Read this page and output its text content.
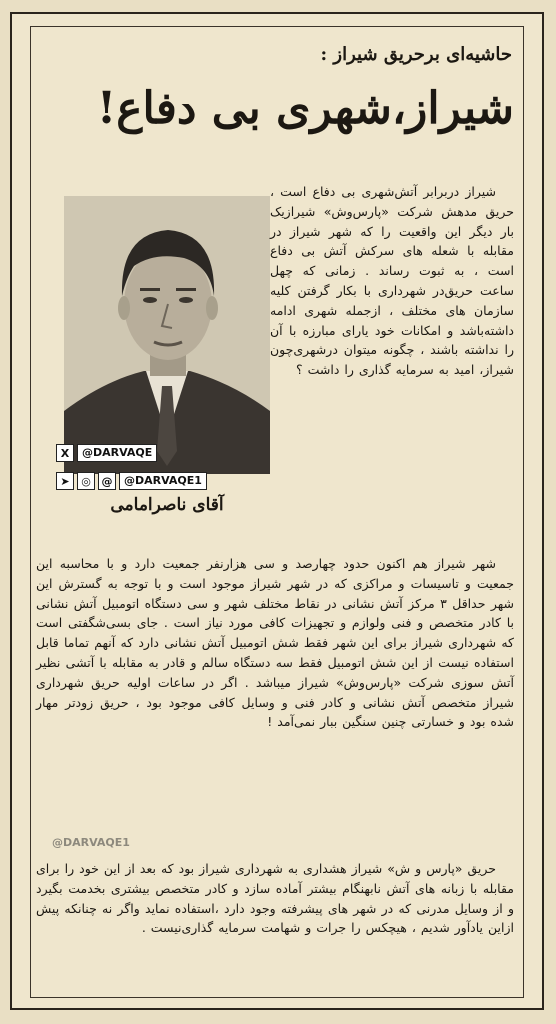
حاشیه‌ای برحریق شیراز :
شیراز،شهری بی دفاع!
X	@DARVAQE
➤	◎ @	@DARVAQE1
آقای ناصرامامی

شیراز دربرابر آتش‌شهری بی دفاع است ، حریق مدهش شرکت «پارس‌وش» شیرازیک بار دیگر این واقعیت را که شهر شیراز در مقابله با شعله های سرکش آتش بی دفاع است ، به ثبوت رساند . زمانی که چهل ساعت حریق‌در شهرداری با بکار گرفتن کلیه سازمان های مختلف ، ازجمله شهری ادامه داشته‌باشد و امکانات خود یارای مبارزه با آن را نداشته باشند ، چگونه میتوان درشهری‌چون شیراز، امید به سرمایه گذاری را داشت ؟

شهر شیراز هم اکنون حدود چهارصد و سی هزارنفر جمعیت دارد و با محاسبه این جمعیت و تاسیسات و مراکزی که در شهر شیراز موجود است و با توجه به گسترش این شهر حداقل ۳ مرکز آتش نشانی در نقاط مختلف شهر و سی دستگاه اتومبیل آتش نشانی با کادر متخصص و فنی ولوازم و تجهیزات کافی مورد نیاز است . جای بسی‌شگفتی است که شهرداری شیراز برای این شهر فقط شش اتومبیل آتش نشانی دارد که آنهم تماما قابل استفاده نیست از این شش اتومبیل فقط سه دستگاه سالم و قادر به مقابله با آتشی نظیر آتش سوزی شرکت «پارس‌وش» شیراز میباشد . اگر در ساعات اولیه حریق شهرداری شیراز متخصص آتش نشانی و کادر فنی و وسایل کافی موجود بود ، حریق زودتر مهار شده بود و خسارتی چنین سنگین ببار نمی‌آمد !

حریق «پارس و ش» شیراز هشداری به شهرداری شیراز بود که بعد از این خود را برای مقابله با زبانه های آتش نابهنگام بیشتر آماده سازد و کادر متخصص بیشتری بخدمت بگیرد و از وسایل مدرنی که در شهر های پیشرفته وجود دارد ،استفاده نماید واگر نه چنانکه پیش ازاین یادآور شدیم ، هیچکس را جرات و شهامت سرمایه گذاری‌نیست .

@DARVAQE1
